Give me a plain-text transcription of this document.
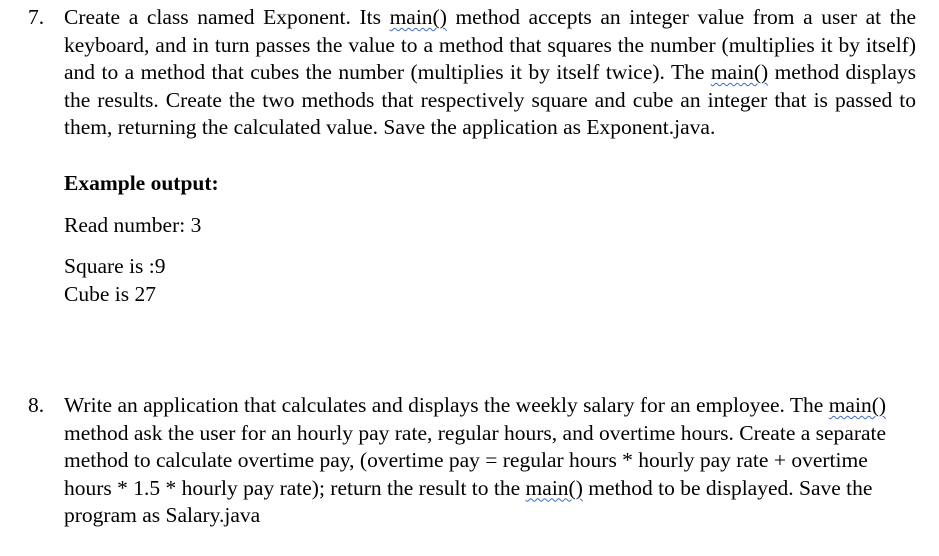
7. Create a class named Exponent. Its main() method accepts an integer value from a user at the keyboard, and in turn passes the value to a method that squares the number (multiplies it by itself) and to a method that cubes the number (multiplies it by itself twice). The main() method displays the results. Create the two methods that respectively square and cube an integer that is passed to them, returning the calculated value. Save the application as Exponent.java.

Example output:
Read number: 3
Square is :9
Cube is 27
8. Write an application that calculates and displays the weekly salary for an employee. The main() method ask the user for an hourly pay rate, regular hours, and overtime hours. Create a separate method to calculate overtime pay, (overtime pay = regular hours * hourly pay rate + overtime hours * 1.5 * hourly pay rate); return the result to the main() method to be displayed. Save the program as Salary.java
